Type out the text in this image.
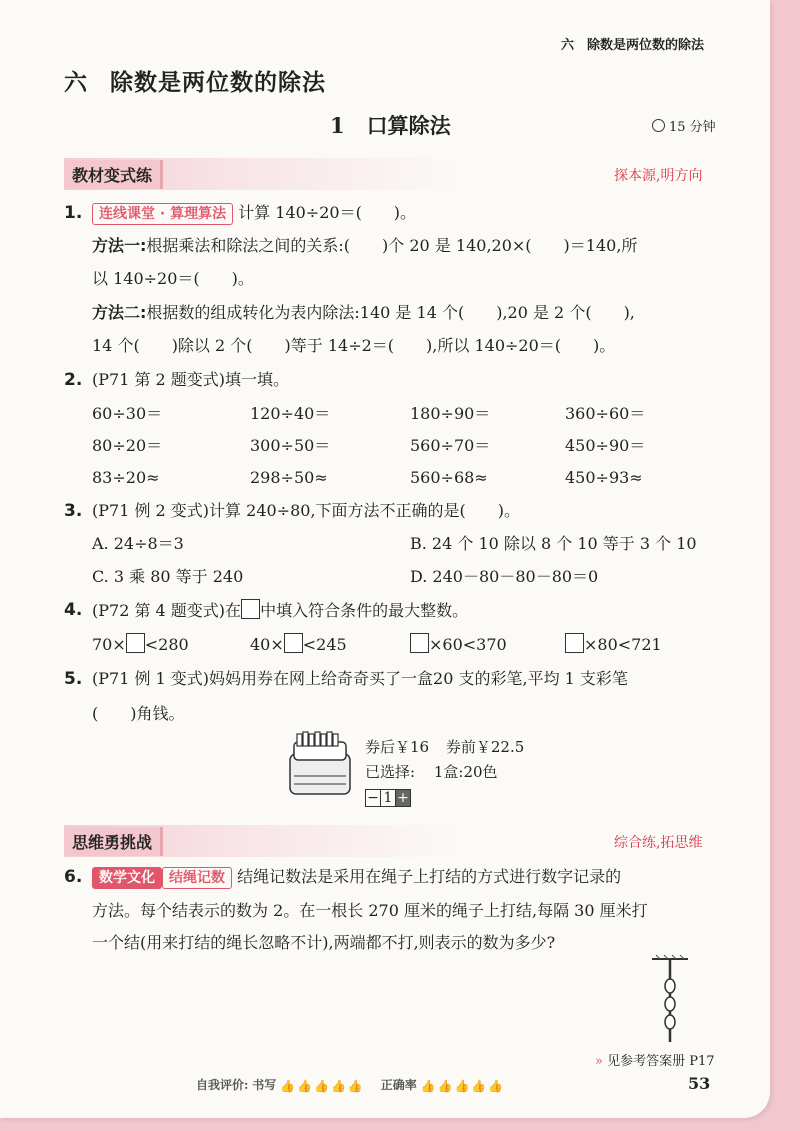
六　除数是两位数的除法
六 除数是两位数的除法
1 口算除法	15 分钟
教材变式练	探本源,明方向
1.	连线课堂 · 算理算法 计算 140÷20＝(　　)。
方法一:根据乘法和除法之间的关系:(　　)个 20 是 140,20×(　　)＝140,所
以 140÷20＝(　　)。
方法二:根据数的组成转化为表内除法:140 是 14 个(　　),20 是 2 个(　　),
14 个(　　)除以 2 个(　　)等于 14÷2＝(　　),所以 140÷20＝(　　)。
2. (P71 第 2 题变式)填一填。
60÷30＝	120÷40＝	180÷90＝	360÷60＝
80÷20＝	300÷50＝	560÷70＝	450÷90＝
83÷20≈	298÷50≈	560÷68≈	450÷93≈
3. (P71 例 2 变式)计算 240÷80,下面方法不正确的是(　　)。
A. 24÷8＝3	B. 24 个 10 除以 8 个 10 等于 3 个 10
C. 3 乘 80 等于 240	D. 240－80－80－80＝0
4. (P72 第 4 题变式)在 中填入符合条件的最大整数。
70× <280	40× <245	×60<370	×80<721
5. (P71 例 1 变式)妈妈用券在网上给奇奇买了一盒20 支的彩笔,平均 1 支彩笔
(　　)角钱。
券后￥16 券前￥22.5
已选择: 1盒:20色
− 1 +
思维勇挑战	综合练,拓思维
6.	数学文化 结绳记数 结绳记数法是采用在绳子上打结的方式进行数字记录的
方法。每个结表示的数为 2。在一根长 270 厘米的绳子上打结,每隔 30 厘米打
一个结(用来打结的绳长忽略不计),两端都不打,则表示的数为多少?
» 见参考答案册 P17
自我评价: 书写 👍 👍 👍 👍 👍 正确率 👍 👍 👍 👍 👍	53
